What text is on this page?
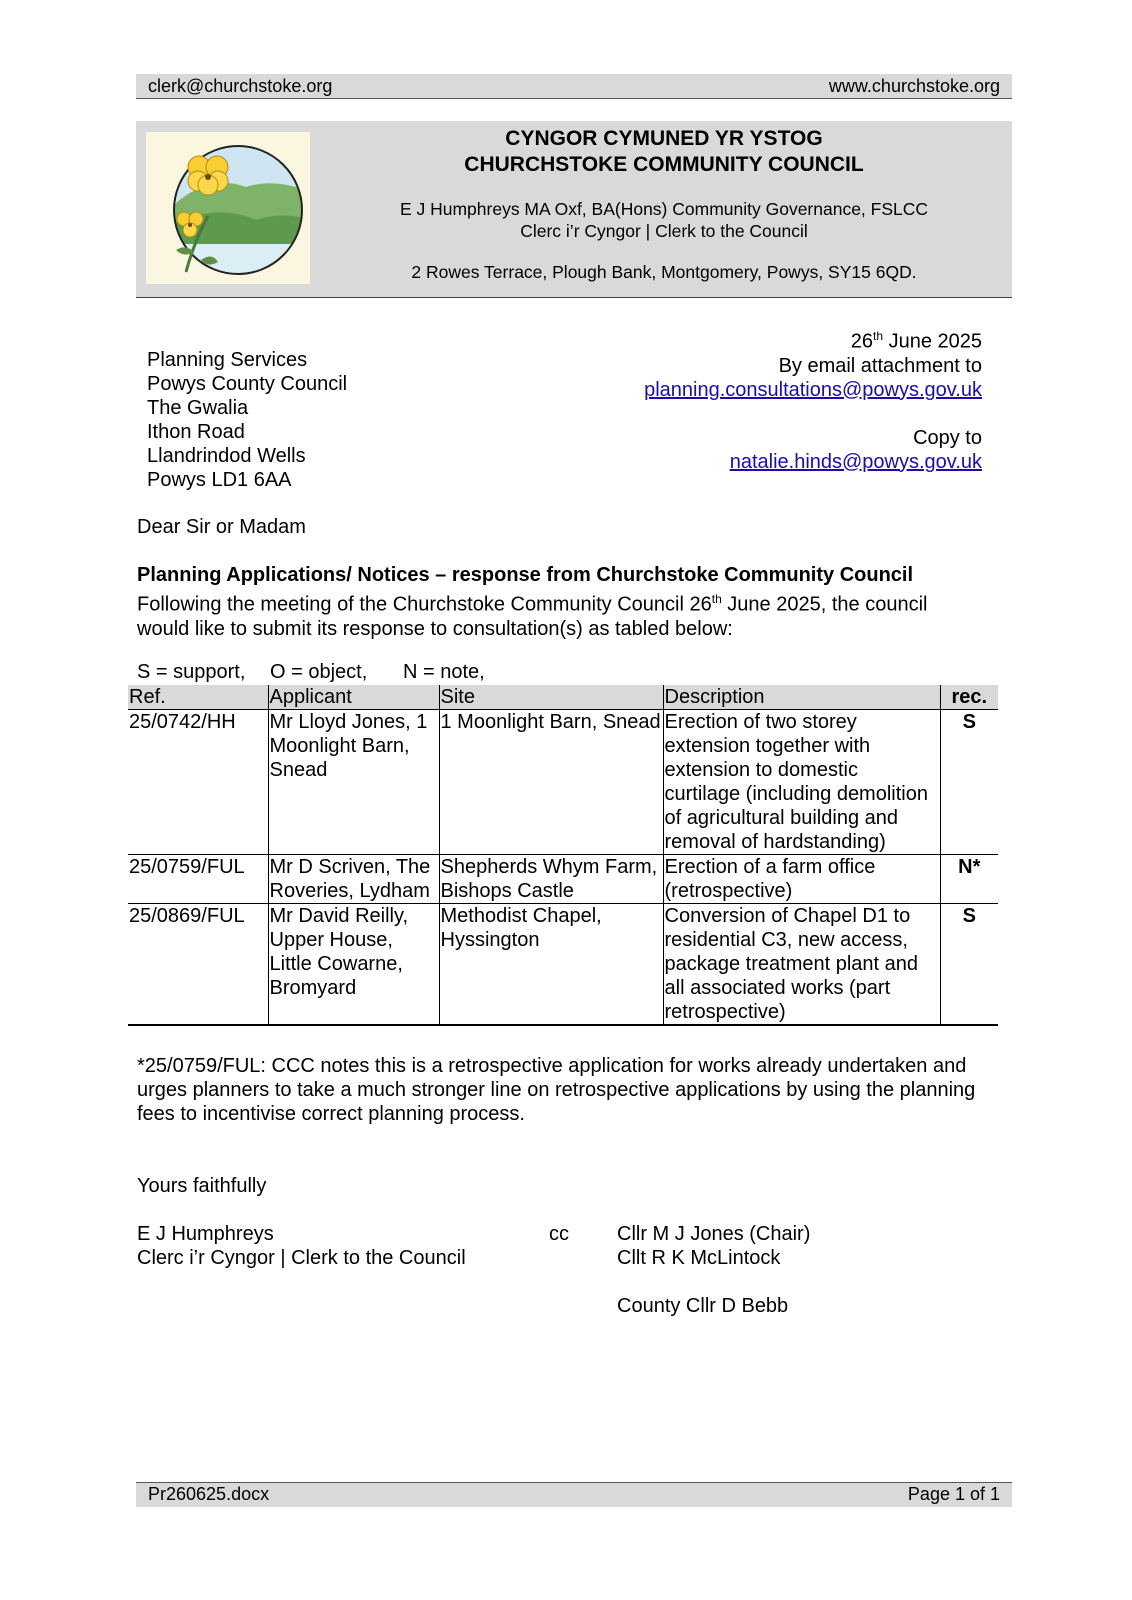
clerk@churchstoke.org	www.churchstoke.org
CYNGOR CYMUNED YR YSTOG
CHURCHSTOKE COMMUNITY COUNCIL
E J Humphreys MA Oxf, BA(Hons) Community Governance, FSLCC
Clerc i’r Cyngor | Clerk to the Council
2 Rowes Terrace, Plough Bank, Montgomery, Powys, SY15 6QD.
Planning Services
Powys County Council
The Gwalia
Ithon Road
Llandrindod Wells
Powys LD1 6AA
26th June 2025
By email attachment to
planning.consultations@powys.gov.uk
Copy to
natalie.hinds@powys.gov.uk
Dear Sir or Madam
Planning Applications/ Notices – response from Churchstoke Community Council
Following the meeting of the Churchstoke Community Council 26th June 2025, the council would like to submit its response to consultation(s) as tabled below:
S = support, O = object, N = note,
Ref.	Applicant	Site	Description	rec.
25/0742/HH	Mr Lloyd Jones, 1 Moonlight Barn, Snead	1 Moonlight Barn, Snead	Erection of two storey extension together with extension to domestic curtilage (including demolition of agricultural building and removal of hardstanding)	S
25/0759/FUL	Mr D Scriven, The Roveries, Lydham	Shepherds Whym Farm, Bishops Castle	Erection of a farm office (retrospective)	N*
25/0869/FUL	Mr David Reilly, Upper House, Little Cowarne, Bromyard	Methodist Chapel, Hyssington	Conversion of Chapel D1 to residential C3, new access, package treatment plant and all associated works (part retrospective)	S
*25/0759/FUL: CCC notes this is a retrospective application for works already undertaken and urges planners to take a much stronger line on retrospective applications by using the planning fees to incentivise correct planning process.
Yours faithfully
E J Humphreys
Clerc i’r Cyngor | Clerk to the Council
cc Cllr M J Jones (Chair)
Cllt R K McLintock
County Cllr D Bebb
Pr260625.docx	Page 1 of 1
